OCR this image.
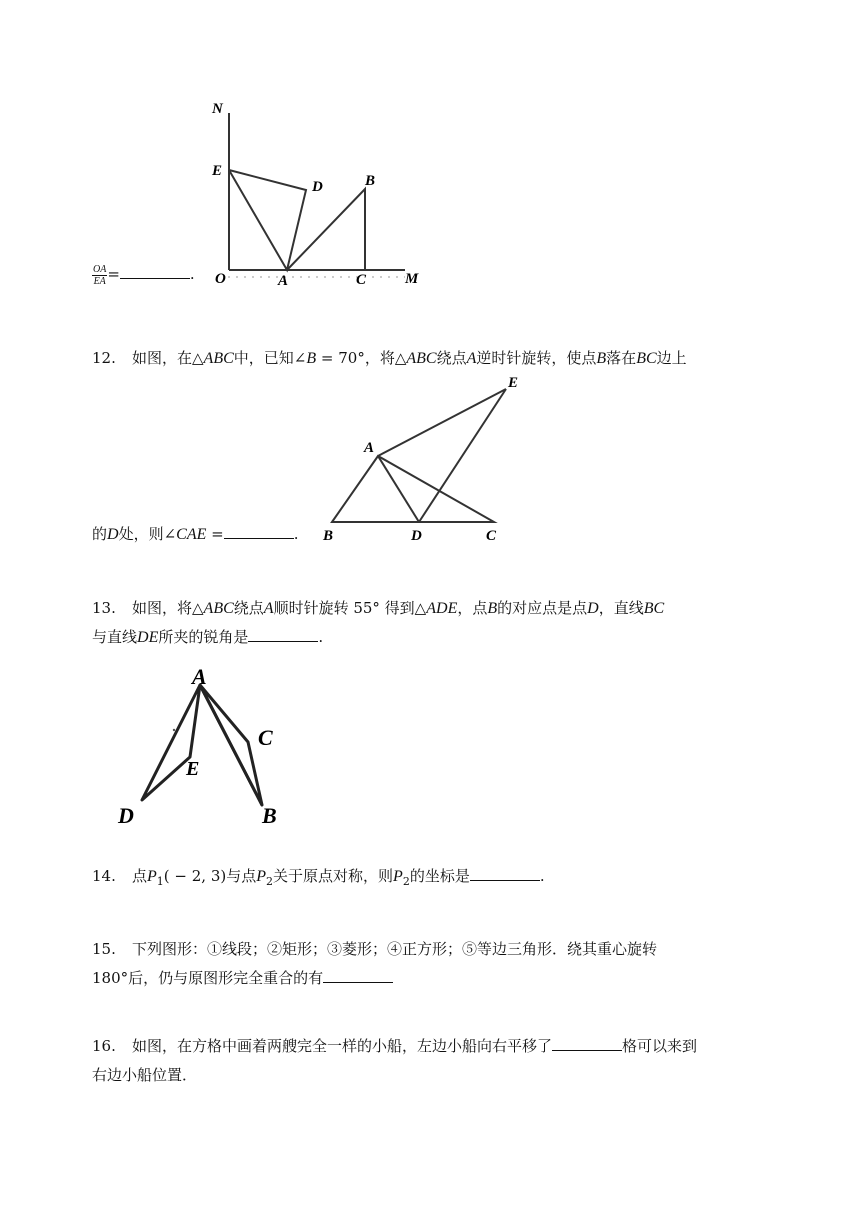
N
E
D	B
O	A	C	M
$\frac{OA}{EA}$ =	.
12. 如图，在△ABC中，已知∠B = 70°，将△ABC绕点A逆时针旋转，使点B落在BC边上
E
A
B	D	C
的D处，则∠CAE =	.
13. 如图，将△ABC绕点A顺时针旋转 55° 得到△ADE，点B的对应点是点D，直线BC
与直线DE所夹的锐角是	.
A
C
E
D	B
14. 点$P_1( - 2$, 3)与点$P_2$关于原点对称，则$P_2$的坐标是	.
15. 下列图形：①线段；②矩形；③菱形；④正方形；⑤等边三角形．绕其重心旋转
180°后，仍与原图形完全重合的有
16. 如图，在方格中画着两艘完全一样的小船，左边小船向右平移了	格可以来到
右边小船位置．
